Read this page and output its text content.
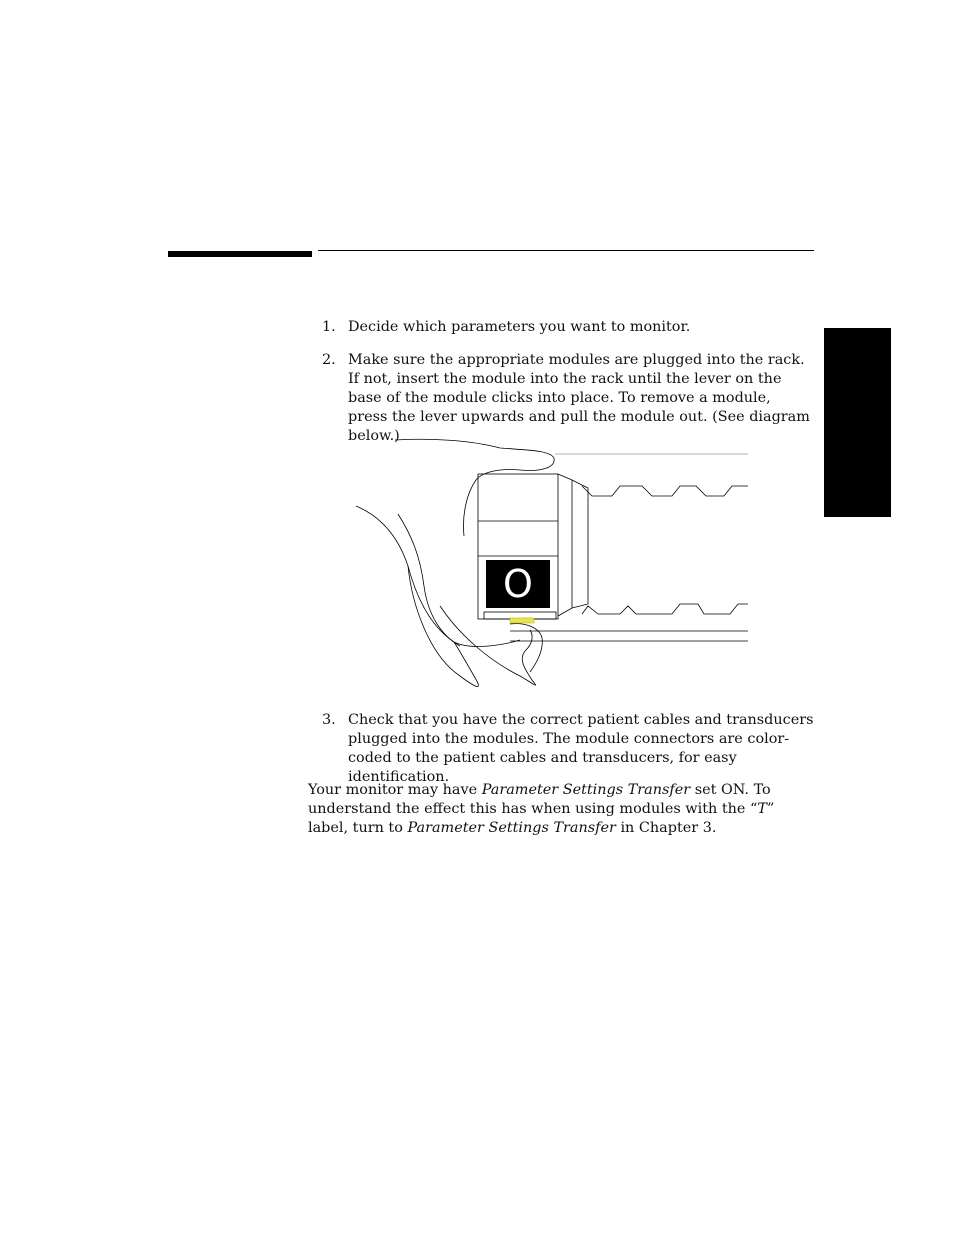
1. Decide which parameters you want to monitor.
2. Make sure the appropriate modules are plugged into the rack. If not, insert the module into the rack until the lever on the base of the module clicks into place. To remove a module, press the lever upwards and pull the module out. (See diagram below.)
O
3. Check that you have the correct patient cables and transducers plugged into the modules. The module connectors are color-coded to the patient cables and transducers, for easy identification.
Your monitor may have Parameter Settings Transfer set ON. To understand the effect this has when using modules with the “T” label, turn to Parameter Settings Transfer in Chapter 3.
